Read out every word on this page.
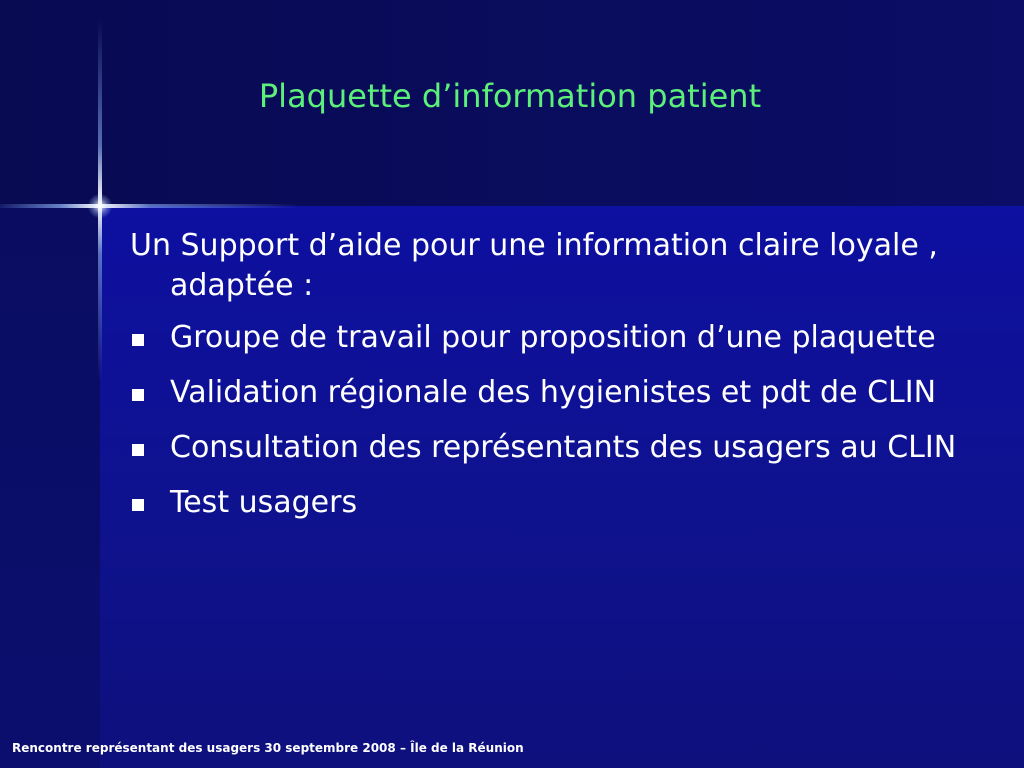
Plaquette d’information patient

Un Support d’aide pour une information claire loyale , adaptée :

Groupe de travail pour proposition d’une plaquette
Validation régionale des hygienistes et pdt de CLIN
Consultation des représentants des usagers au CLIN
Test usagers
Rencontre représentant des usagers 30 septembre 2008 – Île de la Réunion
